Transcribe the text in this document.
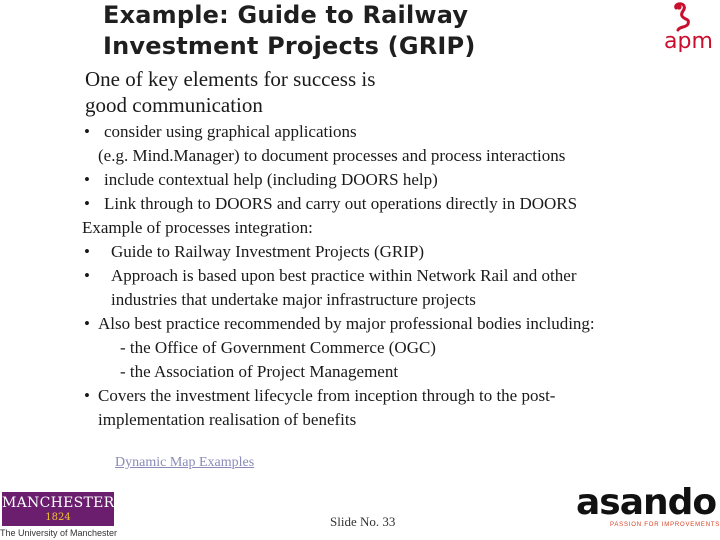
Example: Guide to Railway
Investment Projects (GRIP)	apm
One of key elements for success is
good communication
• consider using graphical applications
(e.g. Mind.Manager) to document processes and process interactions
• include contextual help (including DOORS help)
• Link through to DOORS and carry out operations directly in DOORS
Example of processes integration:
• Guide to Railway Investment Projects (GRIP)
• Approach is based upon best practice within Network Rail and other
industries that undertake major infrastructure projects
• Also best practice recommended by major professional bodies including:
- the Office of Government Commerce (OGC)
- the Association of Project Management
• Covers the investment lifecycle from inception through to the post-
implementation realisation of benefits
Dynamic Map Examples
MANCHESTER
1824
The University of Manchester
Slide No. 33	asando
PASSION FOR IMPROVEMENTS
